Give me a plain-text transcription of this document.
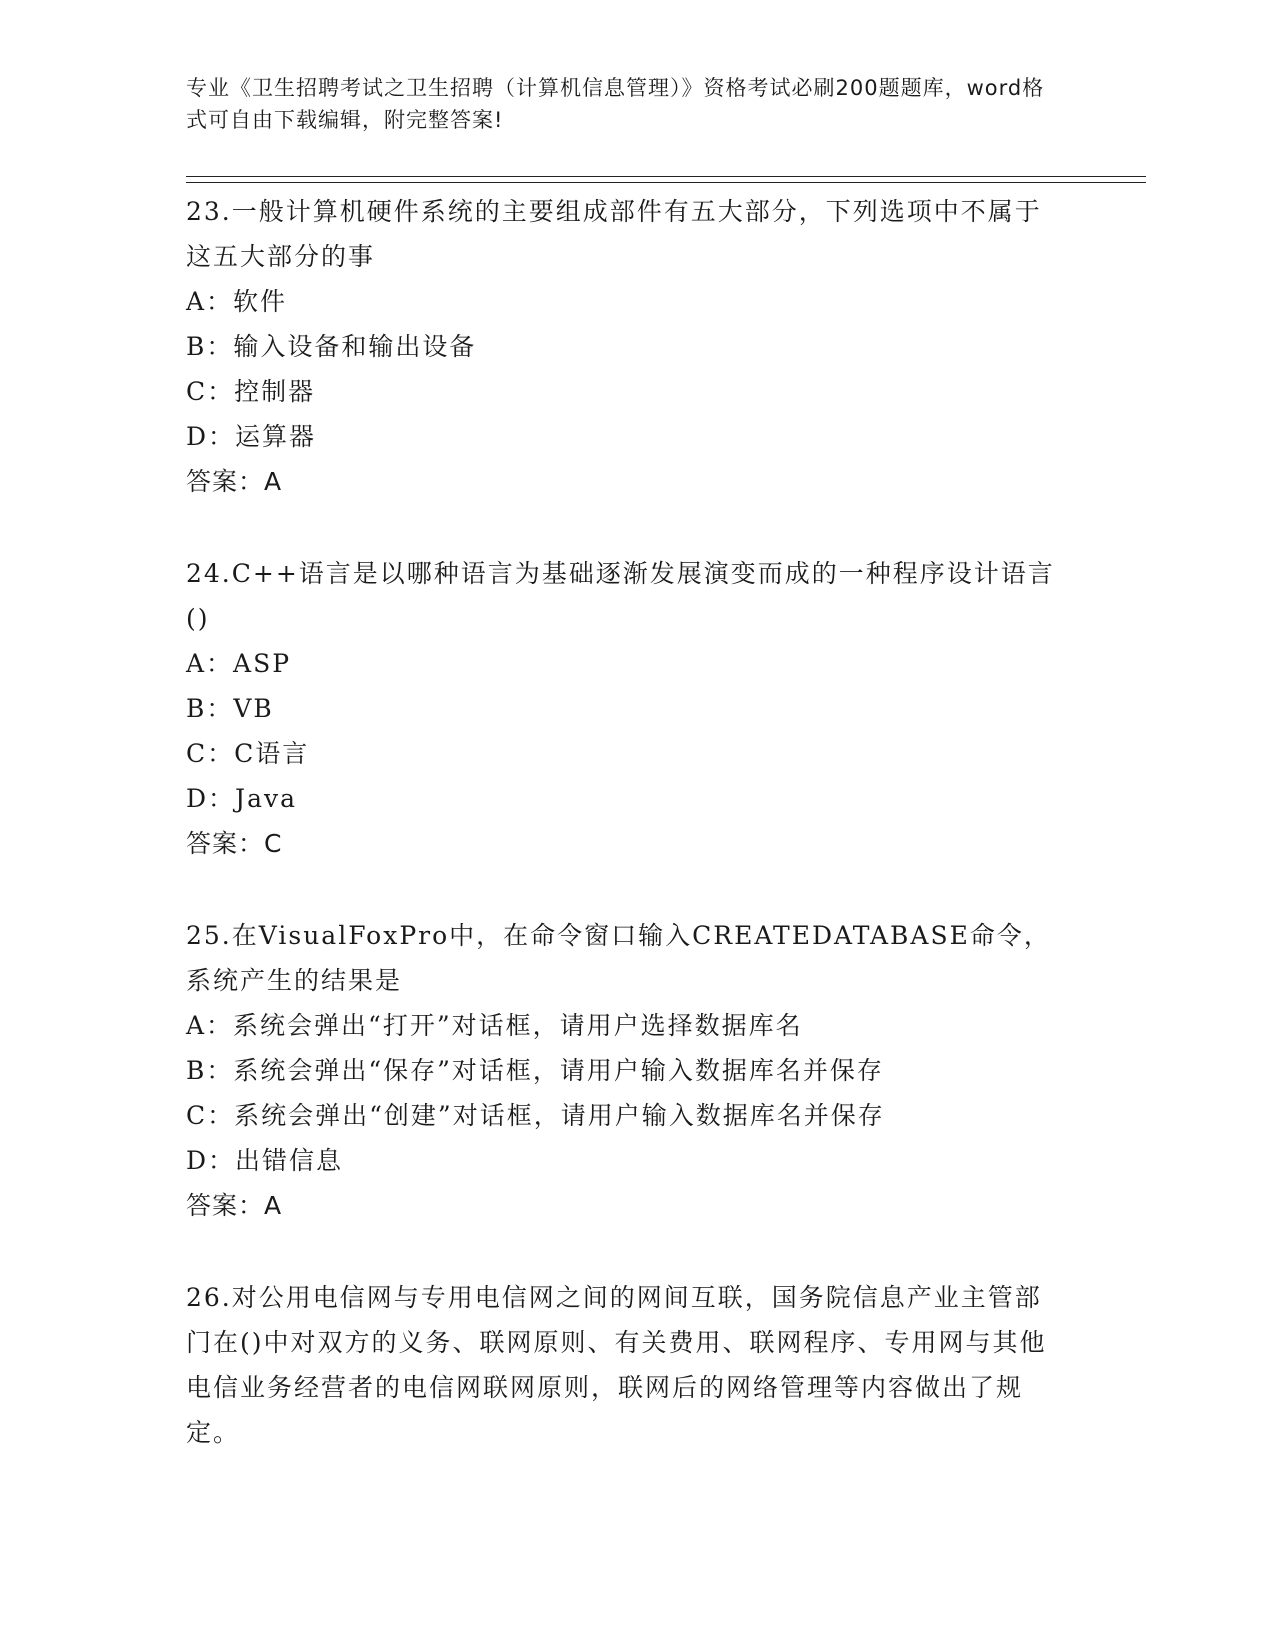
专业《卫生招聘考试之卫生招聘（计算机信息管理）》资格考试必刷200题题库，word格式可自由下载编辑，附完整答案!
23.一般计算机硬件系统的主要组成部件有五大部分，下列选项中不属于这五大部分的事
A：软件
B：输入设备和输出设备
C：控制器
D：运算器
答案：A
24.C++语言是以哪种语言为基础逐渐发展演变而成的一种程序设计语言()
A：ASP
B：VB
C：C语言
D：Java
答案：C
25.在VisualFoxPro中，在命令窗口输入CREATEDATABASE命令，系统产生的结果是
A：系统会弹出“打开”对话框，请用户选择数据库名
B：系统会弹出“保存”对话框，请用户输入数据库名并保存
C：系统会弹出“创建”对话框，请用户输入数据库名并保存
D：出错信息
答案：A
26.对公用电信网与专用电信网之间的网间互联，国务院信息产业主管部门在()中对双方的义务、联网原则、有关费用、联网程序、专用网与其他电信业务经营者的电信网联网原则，联网后的网络管理等内容做出了规定。
